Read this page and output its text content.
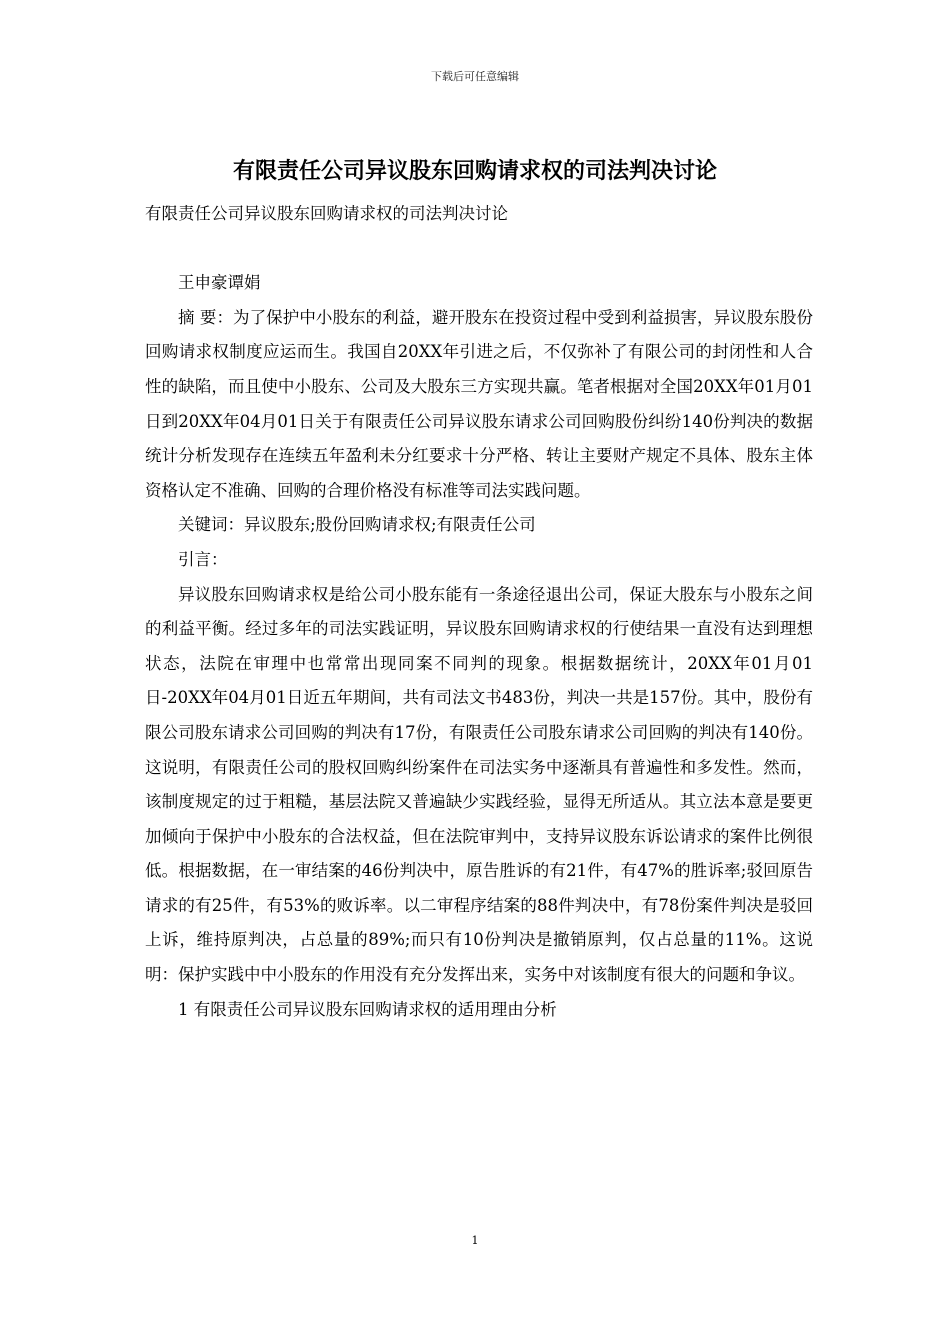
下载后可任意编辑
有限责任公司异议股东回购请求权的司法判决讨论

有限责任公司异议股东回购请求权的司法判决讨论

王申豪谭娟

摘 要：为了保护中小股东的利益，避开股东在投资过程中受到利益损害，异议股东股份回购请求权制度应运而生。我国自20XX年引进之后，不仅弥补了有限公司的封闭性和人合性的缺陷，而且使中小股东、公司及大股东三方实现共赢。笔者根据对全国20XX年01月01日到20XX年04月01日关于有限责任公司异议股东请求公司回购股份纠纷140份判决的数据统计分析发现存在连续五年盈利未分红要求十分严格、转让主要财产规定不具体、股东主体资格认定不准确、回购的合理价格没有标准等司法实践问题。

关键词：异议股东;股份回购请求权;有限责任公司

引言：

异议股东回购请求权是给公司小股东能有一条途径退出公司，保证大股东与小股东之间的利益平衡。经过多年的司法实践证明，异议股东回购请求权的行使结果一直没有达到理想状态，法院在审理中也常常出现同案不同判的现象。根据数据统计，20XX年01月01日-20XX年04月01日近五年期间，共有司法文书483份，判决一共是157份。其中，股份有限公司股东请求公司回购的判决有17份，有限责任公司股东请求公司回购的判决有140份。这说明，有限责任公司的股权回购纠纷案件在司法实务中逐渐具有普遍性和多发性。然而，该制度规定的过于粗糙，基层法院又普遍缺少实践经验，显得无所适从。其立法本意是要更加倾向于保护中小股东的合法权益，但在法院审判中，支持异议股东诉讼请求的案件比例很低。根据数据，在一审结案的46份判决中，原告胜诉的有21件，有47%的胜诉率;驳回原告请求的有25件，有53%的败诉率。以二审程序结案的88件判决中，有78份案件判决是驳回上诉，维持原判决，占总量的89%;而只有10份判决是撤销原判，仅占总量的11%。这说明：保护实践中中小股东的作用没有充分发挥出来，实务中对该制度有很大的问题和争议。

1 有限责任公司异议股东回购请求权的适用理由分析

1
